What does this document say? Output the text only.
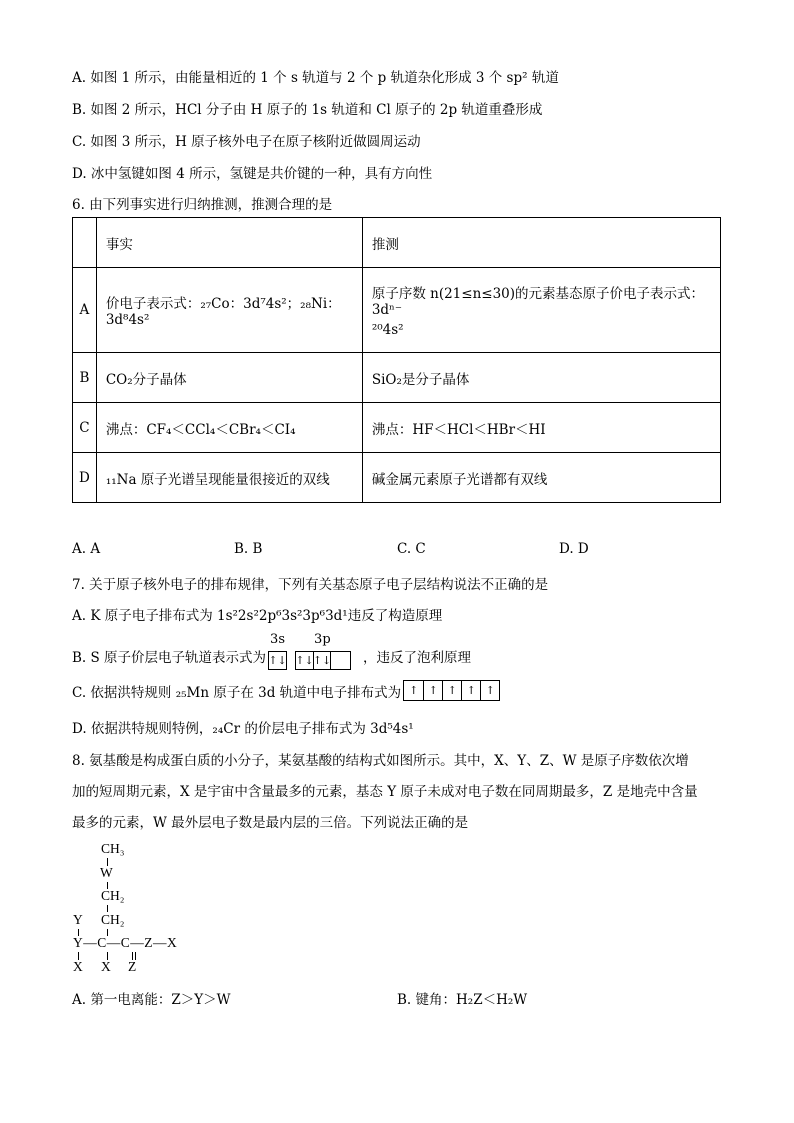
A. 如图 1 所示，由能量相近的 1 个 s 轨道与 2 个 p 轨道杂化形成 3 个 sp² 轨道
B. 如图 2 所示，HCl 分子由 H 原子的 1s 轨道和 Cl 原子的 2p 轨道重叠形成
C. 如图 3 所示，H 原子核外电子在原子核附近做圆周运动
D. 冰中氢键如图 4 所示，氢键是共价键的一种，具有方向性
6. 由下列事实进行归纳推测，推测合理的是
	事实	推测
A	价电子表示式：₂₇Co：3d⁷4s²；₂₈Ni：3d⁸4s²	原子序数 n(21≤n≤30)的元素基态原子价电子表示式：3dⁿ⁻
²⁰4s²

B	CO₂分子晶体	SiO₂是分子晶体
C	沸点：CF₄＜CCl₄＜CBr₄＜CI₄	沸点：HF＜HCl＜HBr＜HI
D	₁₁Na 原子光谱呈现能量很接近的双线	碱金属元素原子光谱都有双线
A. A	B. B	C. C	D. D
7. 关于原子核外电子的排布规律，下列有关基态原子电子层结构说法不正确的是
A. K 原子电子排布式为 1s²2s²2p⁶3s²3p⁶3d¹违反了构造原理
B. S 原子价层电子轨道表示式为
3s
↑↓
3p
↑↓ ↑↓ ，违反了泡利原理
C. 依据洪特规则 ₂₅Mn 原子在 3d 轨道中电子排布式为 ↑ ↑ ↑ ↑ ↑
D. 依据洪特规则特例，₂₄Cr 的价层电子排布式为 3d⁵4s¹
8. 氨基酸是构成蛋白质的小分子，某氨基酸的结构式如图所示。其中，X、Y、Z、W 是原子序数依次增
加的短周期元素，X 是宇宙中含量最多的元素，基态 Y 原子未成对电子数在同周期最多，Z 是地壳中含量
最多的元素，W 最外层电子数是最内层的三倍。下列说法正确的是
CH₃
W
CH₂
Y CH₂
Y—C—C—Z—X
X X Z
A. 第一电离能：Z＞Y＞W	B. 键角：H₂Z＜H₂W
